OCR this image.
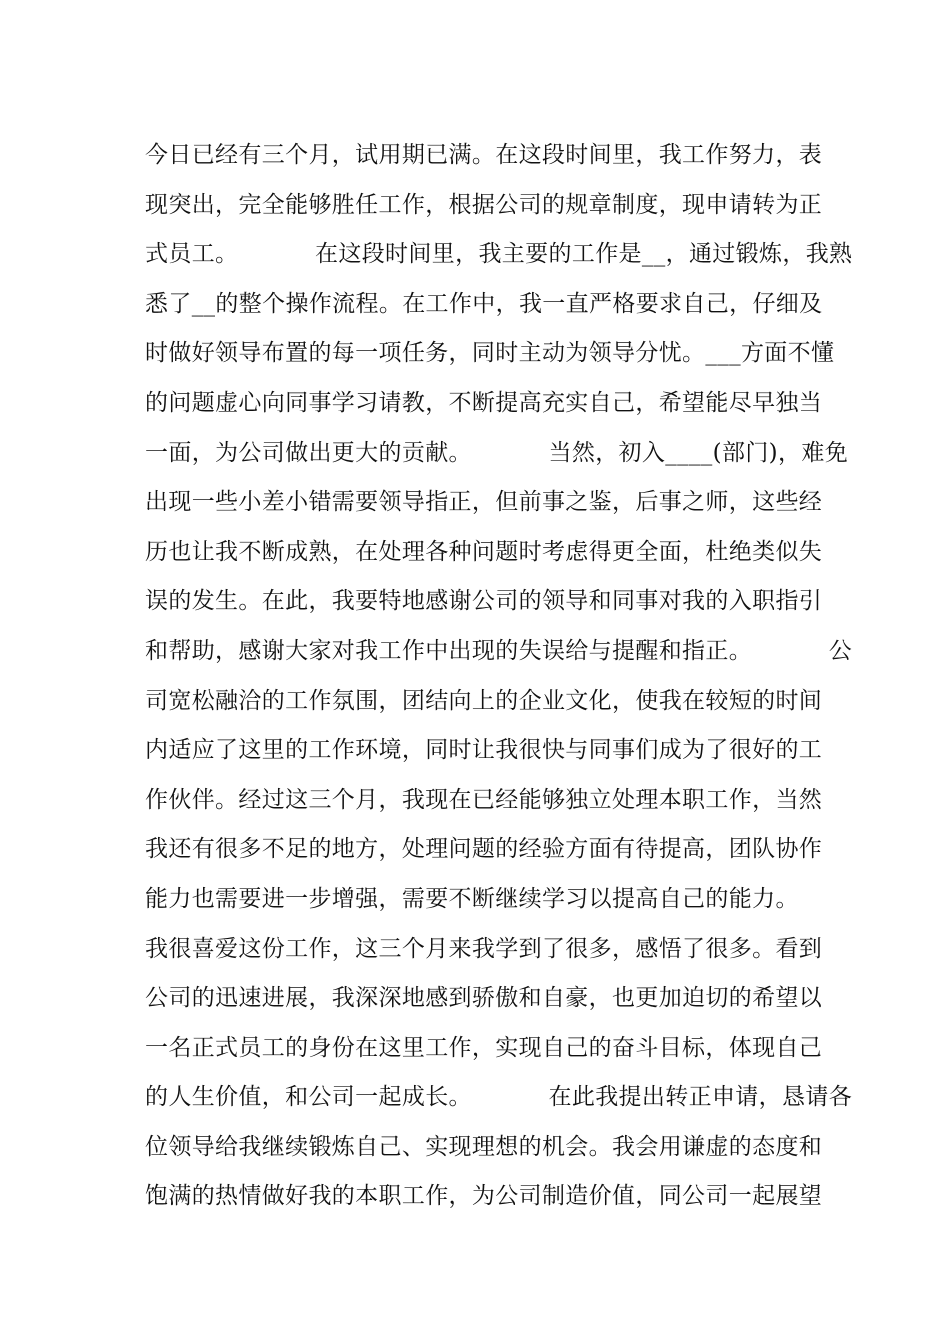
今日已经有三个月，试用期已满。在这段时间里，我工作努力，表
现突出，完全能够胜任工作，根据公司的规章制度，现申请转为正
式员工。          在这段时间里，我主要的工作是__，通过锻炼，我熟
悉了__的整个操作流程。在工作中，我一直严格要求自己，仔细及
时做好领导布置的每一项任务，同时主动为领导分忧。___方面不懂
的问题虚心向同事学习请教，不断提高充实自己，希望能尽早独当
一面，为公司做出更大的贡献。          当然，初入____(部门)，难免
出现一些小差小错需要领导指正，但前事之鉴，后事之师，这些经
历也让我不断成熟，在处理各种问题时考虑得更全面，杜绝类似失
误的发生。在此，我要特地感谢公司的领导和同事对我的入职指引
和帮助，感谢大家对我工作中出现的失误给与提醒和指正。          公
司宽松融洽的工作氛围，团结向上的企业文化，使我在较短的时间
内适应了这里的工作环境，同时让我很快与同事们成为了很好的工
作伙伴。经过这三个月，我现在已经能够独立处理本职工作，当然
我还有很多不足的地方，处理问题的经验方面有待提高，团队协作
能力也需要进一步增强，需要不断继续学习以提高自己的能力。
我很喜爱这份工作，这三个月来我学到了很多，感悟了很多。看到
公司的迅速进展，我深深地感到骄傲和自豪，也更加迫切的希望以
一名正式员工的身份在这里工作，实现自己的奋斗目标，体现自己
的人生价值，和公司一起成长。          在此我提出转正申请，恳请各
位领导给我继续锻炼自己、实现理想的机会。我会用谦虚的态度和
饱满的热情做好我的本职工作，为公司制造价值，同公司一起展望
